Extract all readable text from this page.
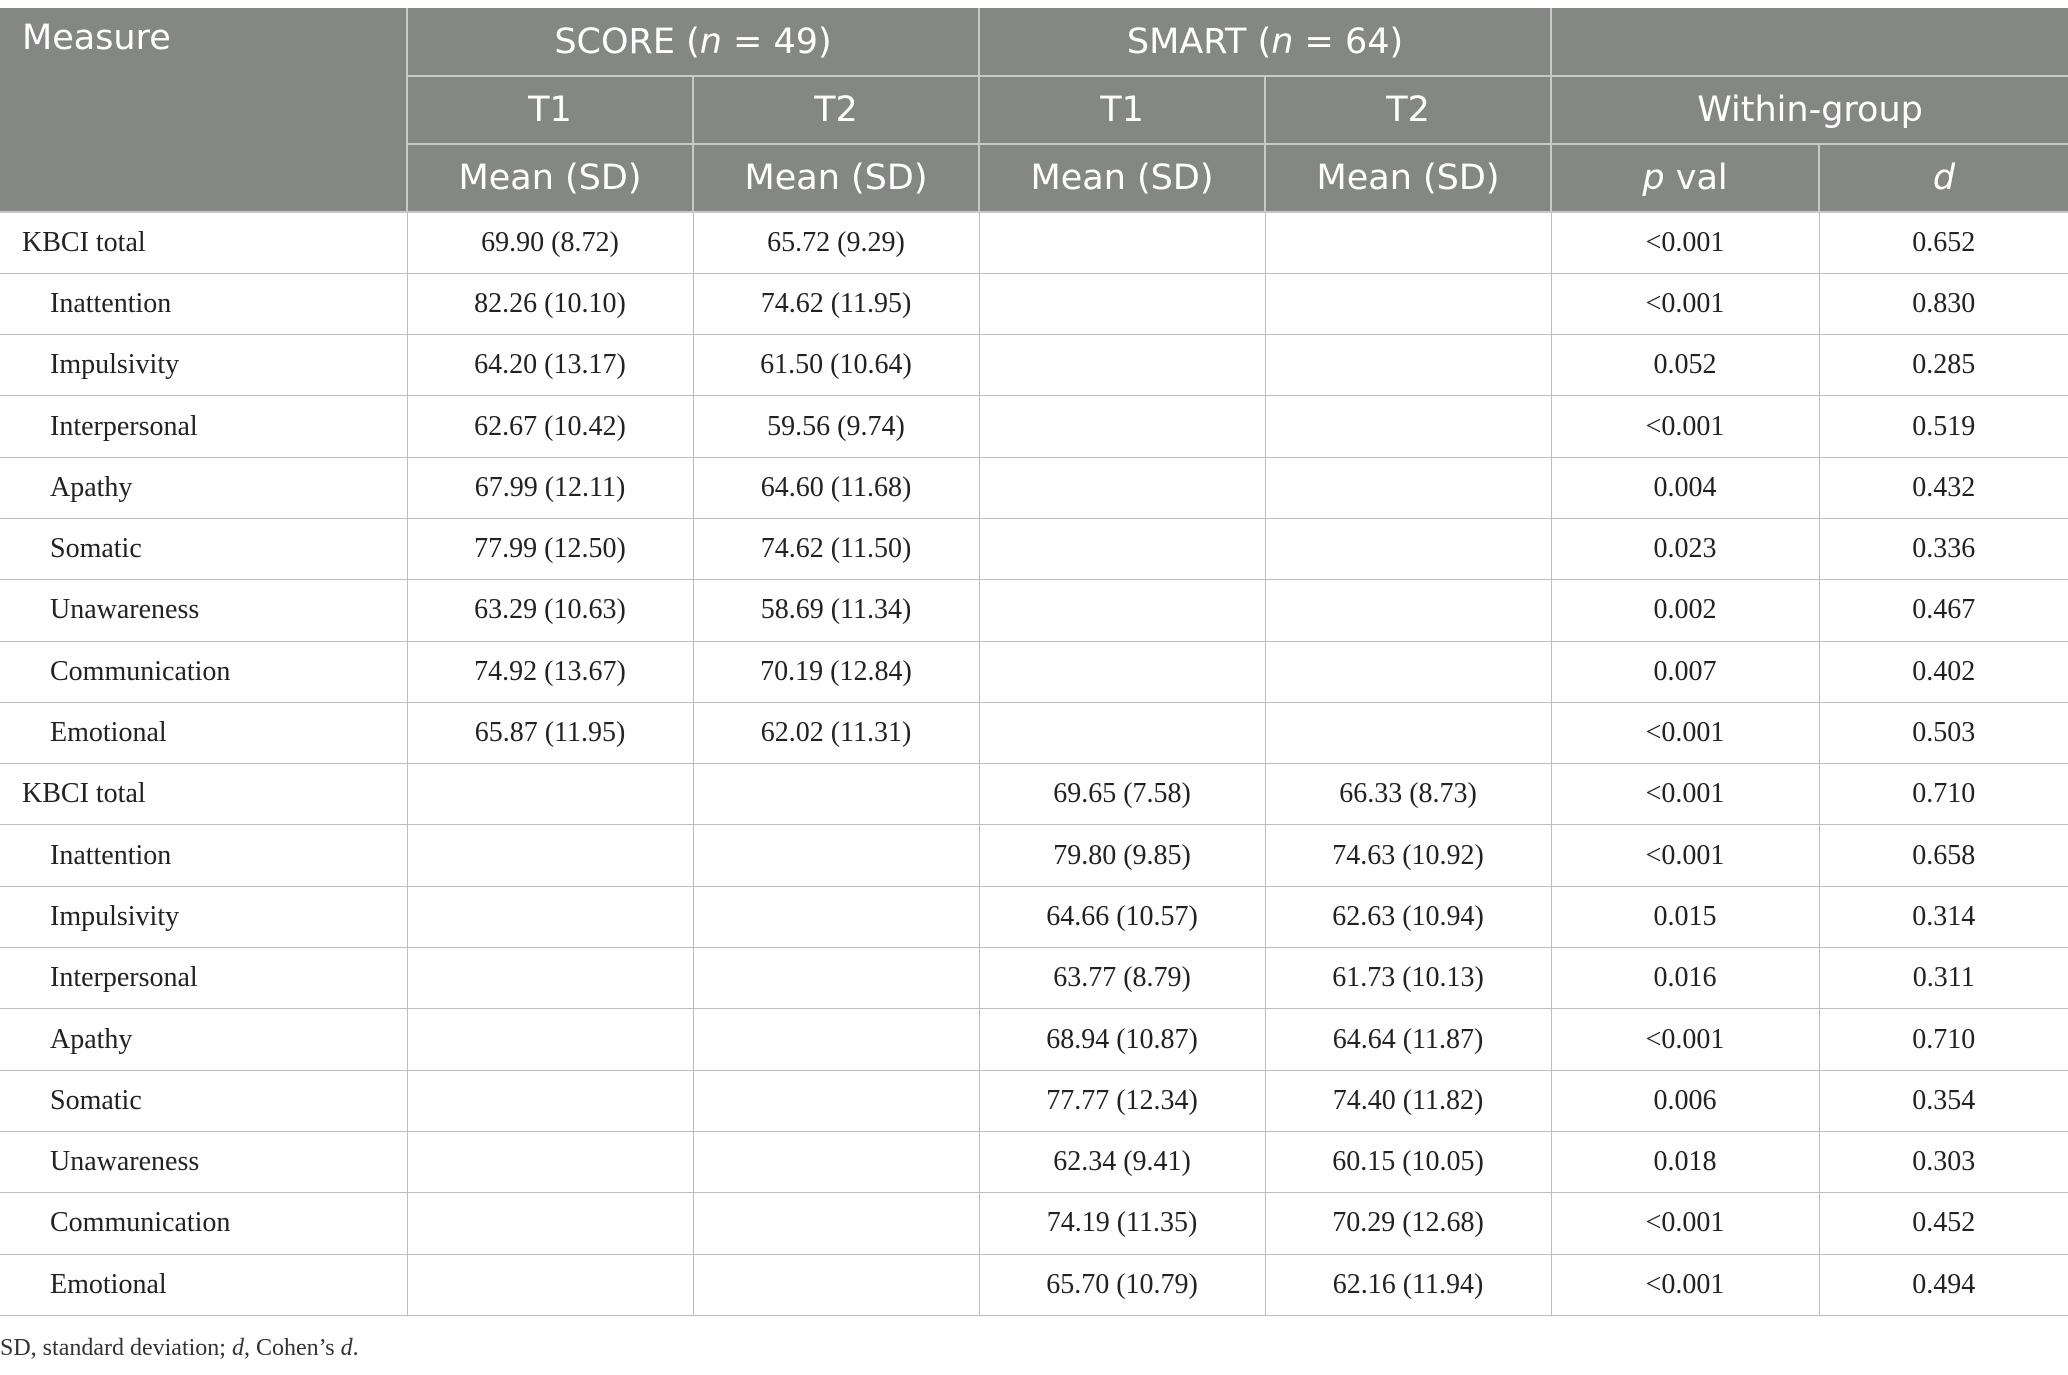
Measure	SCORE (n = 49)		SMART (n = 64)			
	T1	T2	T1	T2	Within-group	
	Mean (SD)	Mean (SD)	Mean (SD)	Mean (SD)	p val	d
KBCI total	69.90 (8.72)	65.72 (9.29)			<0.001	0.652
Inattention	82.26 (10.10)	74.62 (11.95)			<0.001	0.830
Impulsivity	64.20 (13.17)	61.50 (10.64)			0.052	0.285
Interpersonal	62.67 (10.42)	59.56 (9.74)			<0.001	0.519
Apathy	67.99 (12.11)	64.60 (11.68)			0.004	0.432
Somatic	77.99 (12.50)	74.62 (11.50)			0.023	0.336
Unawareness	63.29 (10.63)	58.69 (11.34)			0.002	0.467
Communication	74.92 (13.67)	70.19 (12.84)			0.007	0.402
Emotional	65.87 (11.95)	62.02 (11.31)			<0.001	0.503
KBCI total			69.65 (7.58)	66.33 (8.73)	<0.001	0.710
Inattention			79.80 (9.85)	74.63 (10.92)	<0.001	0.658
Impulsivity			64.66 (10.57)	62.63 (10.94)	0.015	0.314
Interpersonal			63.77 (8.79)	61.73 (10.13)	0.016	0.311
Apathy			68.94 (10.87)	64.64 (11.87)	<0.001	0.710
Somatic			77.77 (12.34)	74.40 (11.82)	0.006	0.354
Unawareness			62.34 (9.41)	60.15 (10.05)	0.018	0.303
Communication			74.19 (11.35)	70.29 (12.68)	<0.001	0.452
Emotional			65.70 (10.79)	62.16 (11.94)	<0.001	0.494
SD, standard deviation; d, Cohen’s d.
